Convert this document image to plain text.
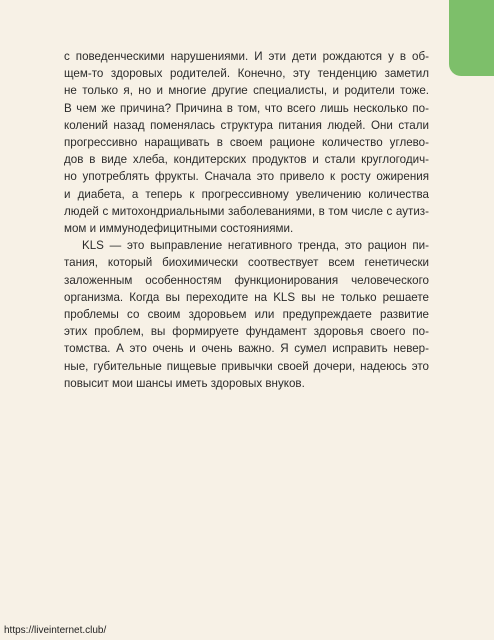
с поведенческими нарушениями. И эти дети рождаются у в об-
щем-то здоровых родителей. Конечно, эту тенденцию заметил
не только я, но и многие другие специалисты, и родители тоже.
В чем же причина? Причина в том, что всего лишь несколько по-
колений назад поменялась структура питания людей. Они стали
прогрессивно наращивать в своем рационе количество углево-
дов в виде хлеба, кондитерских продуктов и стали круглогодич-
но употреблять фрукты. Сначала это привело к росту ожирения
и диабета, а теперь к прогрессивному увеличению количества
людей с митохондриальными заболеваниями, в том числе с аутиз-
мом и иммунодефицитными состояниями.
KLS — это выправление негативного тренда, это рацион пи-
тания, который биохимически соотвествует всем генетически
заложенным особенностям функционирования человеческого
организма. Когда вы переходите на KLS вы не только решаете
проблемы со своим здоровьем или предупреждаете развитие
этих проблем, вы формируете фундамент здоровья своего по-
томства. А это очень и очень важно. Я сумел исправить невер-
ные, губительные пищевые привычки своей дочери, надеюсь это
повысит мои шансы иметь здоровых внуков.
https://liveinternet.club/
